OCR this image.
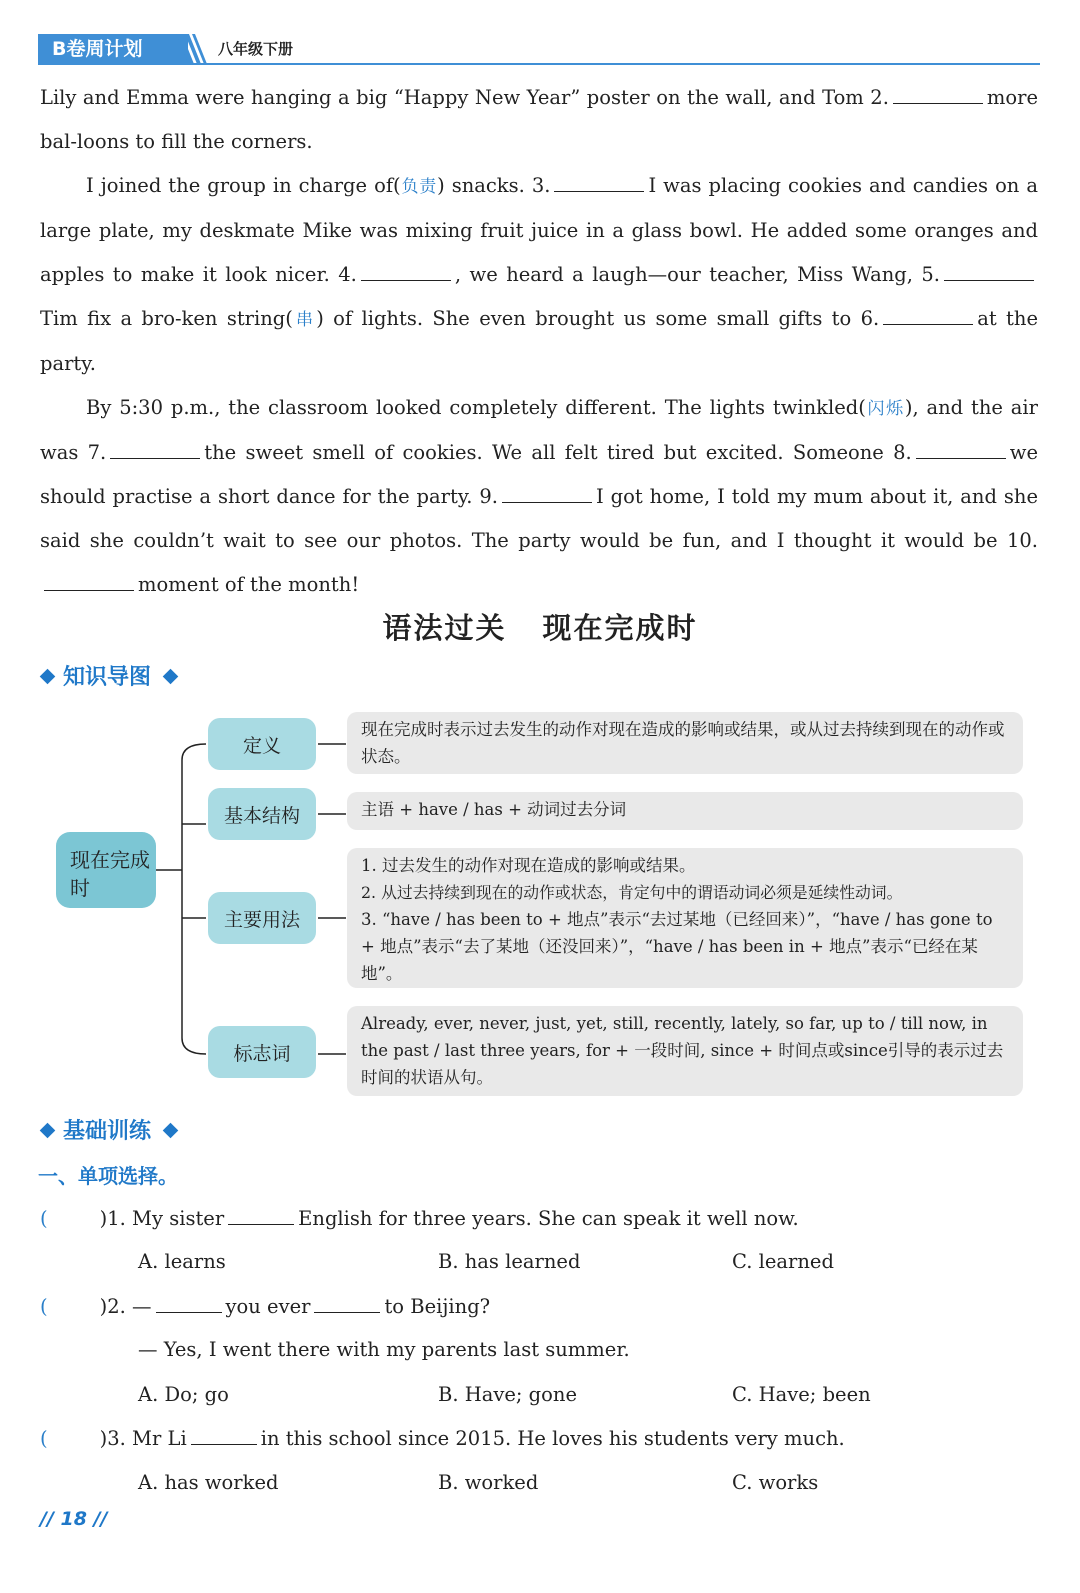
B卷周计划	八年级下册

Lily and Emma were hanging a big “Happy New Year” poster on the wall, and Tom 2.	more bal-loons to fill the corners.

I joined the group in charge of(负责) snacks. 3.	I was placing cookies and candies on a large plate, my deskmate Mike was mixing fruit juice in a glass bowl. He added some oranges and apples to make it look nicer. 4.	, we heard a laugh—our teacher, Miss Wang, 5.Tim fix a bro-ken string(串) of lights. She even brought us some small gifts to 6.	at the party.

By 5:30 p.m., the classroom looked completely different. The lights twinkled(闪烁), and the air was 7.	the sweet smell of cookies. We all felt tired but excited. Someone 8.	we should practise a short dance for the party. 9.	I got home, I told my mum about it, and she said she couldn’t wait to see our photos. The party would be fun, and I thought it would be 10.moment of the month!

语法过关 现在完成时
知识导图
现在完成时
定义
基本结构
主要用法
标志词
现在完成时表示过去发生的动作对现在造成的影响或结果，或从过去持续到现在的动作或状态。
主语 + have / has + 动词过去分词
1. 过去发生的动作对现在造成的影响或结果。
2. 从过去持续到现在的动作或状态，肯定句中的谓语动词必须是延续性动词。
3. “have / has been to + 地点”表示“去过某地（已经回来）”，“have / has gone to + 地点”表示“去了某地（还没回来）”，“have / has been in + 地点”表示“已经在某地”。
Already, ever, never, just, yet, still, recently, lately, so far, up to / till now, in the past / last three years, for + 一段时间, since + 时间点或since引导的表示过去时间的状语从句。
基础训练
一、单项选择。
(	)1. My sister	English for three years. She can speak it well now.
A. learns	B. has learned	C. learned
(	)2. —	you ever	to Beijing?
— Yes, I went there with my parents last summer.
A. Do; go	B. Have; gone	C. Have; been
(	)3. Mr Li	in this school since 2015. He loves his students very much.
A. has worked	B. worked	C. works
// 18 //
